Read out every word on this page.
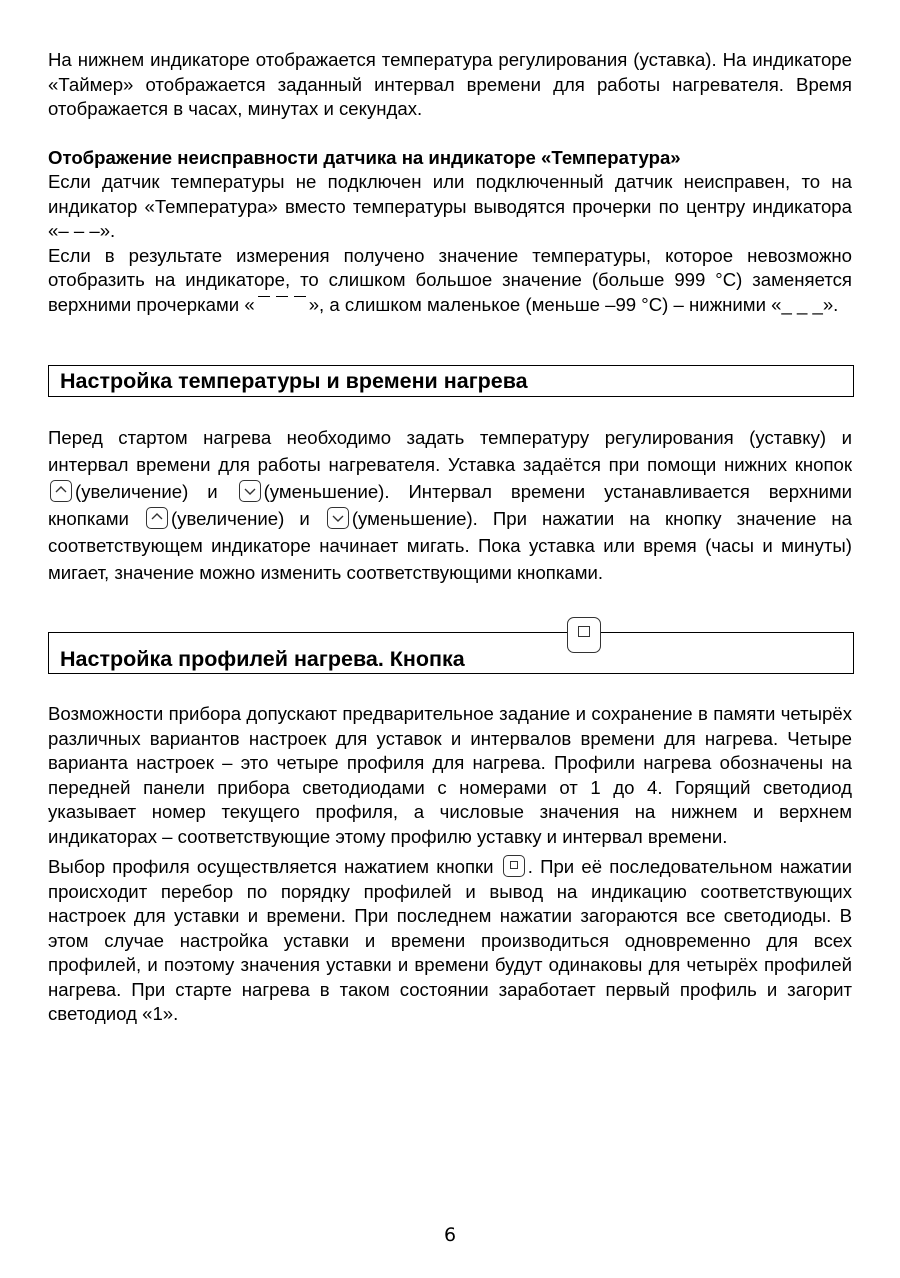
На нижнем индикаторе отображается температура регулирования (уставка). На индикаторе «Таймер» отображается заданный интервал времени для работы нагревателя. Время отображается в часах, минутах и секундах.

Отображение неисправности датчика на индикаторе «Температура»

Если датчик температуры не подключен или подключенный датчик неисправен, то на индикатор «Температура» вместо температуры выводятся прочерки по центру индикатора «– – –».

Если в результате измерения получено значение температуры, которое невозможно отобразить на индикаторе, то слишком большое значение (больше 999 °С) заменяется верхними прочерками «	», а слишком маленькое (меньше –99 °С) – нижними «_ _ _».

Настройка температуры и времени нагрева

Перед стартом нагрева необходимо задать температуру регулирования (уставку) и интервал времени для работы нагревателя. Уставка задаётся при помощи нижних кнопок
(увеличение) и (уменьшение). Интервал времени устанавливается верхними кнопками (увеличение) и (уменьшение). При нажатии на кнопку значение на соответствующем индикаторе начинает мигать. Пока уставка или время (часы и минуты) мигает, значение можно изменить соответствующими кнопками.

Настройка профилей нагрева. Кнопка

Возможности прибора допускают предварительное задание и сохранение в памяти четырёх различных вариантов настроек для уставок и интервалов времени для нагрева. Четыре варианта настроек – это четыре профиля для нагрева. Профили нагрева обозначены на передней панели прибора светодиодами с номерами от 1 до 4. Горящий светодиод указывает номер текущего профиля, а числовые значения на нижнем и верхнем индикаторах – соответствующие этому профилю уставку и интервал времени.

Выбор профиля осуществляется нажатием кнопки . При её последовательном нажатии происходит перебор по порядку профилей и вывод на индикацию соответствующих настроек для уставки и времени. При последнем нажатии загораются все светодиоды. В этом случае настройка уставки и времени производиться одновременно для всех профилей, и поэтому значения уставки и времени будут одинаковы для четырёх профилей нагрева. При старте нагрева в таком состоянии заработает первый профиль и загорит светодиод «1».

6
